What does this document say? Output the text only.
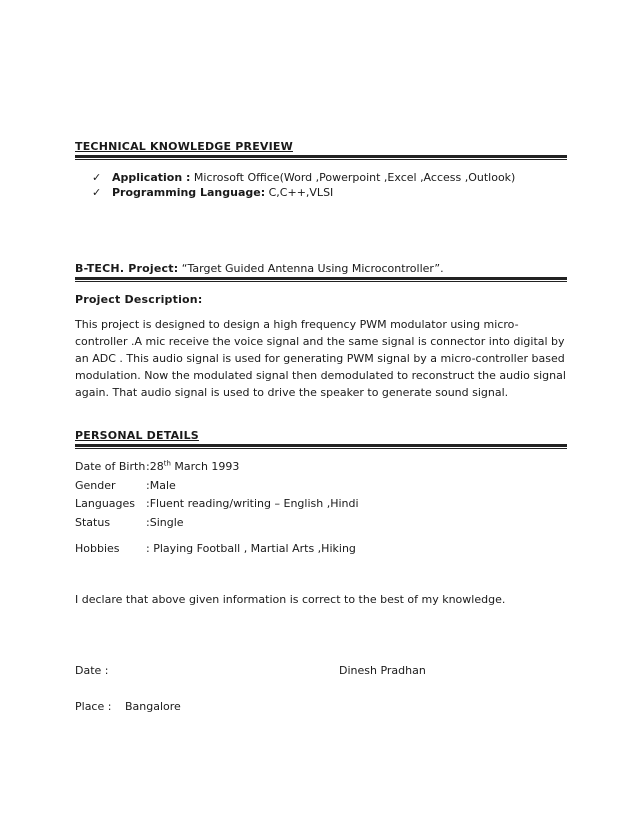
TECHNICAL KNOWLEDGE PREVIEW
✓ Application : Microsoft Office(Word ,Powerpoint ,Excel ,Access ,Outlook)
✓ Programming Language: C,C++,VLSI
B-TECH. Project: “Target Guided Antenna Using Microcontroller”.
Project Description:
This project is designed to design a high frequency PWM modulator using micro-controller .A mic receive the voice signal and the same signal is connector into digital by an ADC . This audio signal is used for generating PWM signal by a micro-controller based modulation. Now the modulated signal then demodulated to reconstruct the audio signal again. That audio signal is used to drive the speaker to generate sound signal.
PERSONAL DETAILS
Date of Birth :28th March 1993
Gender	:Male
Languages :Fluent reading/writing – English ,Hindi
Status	:Single
Hobbies : Playing Football , Martial Arts ,Hiking
I declare that above given information is correct to the best of my knowledge.
Date :	Dinesh Pradhan
Place : Bangalore
